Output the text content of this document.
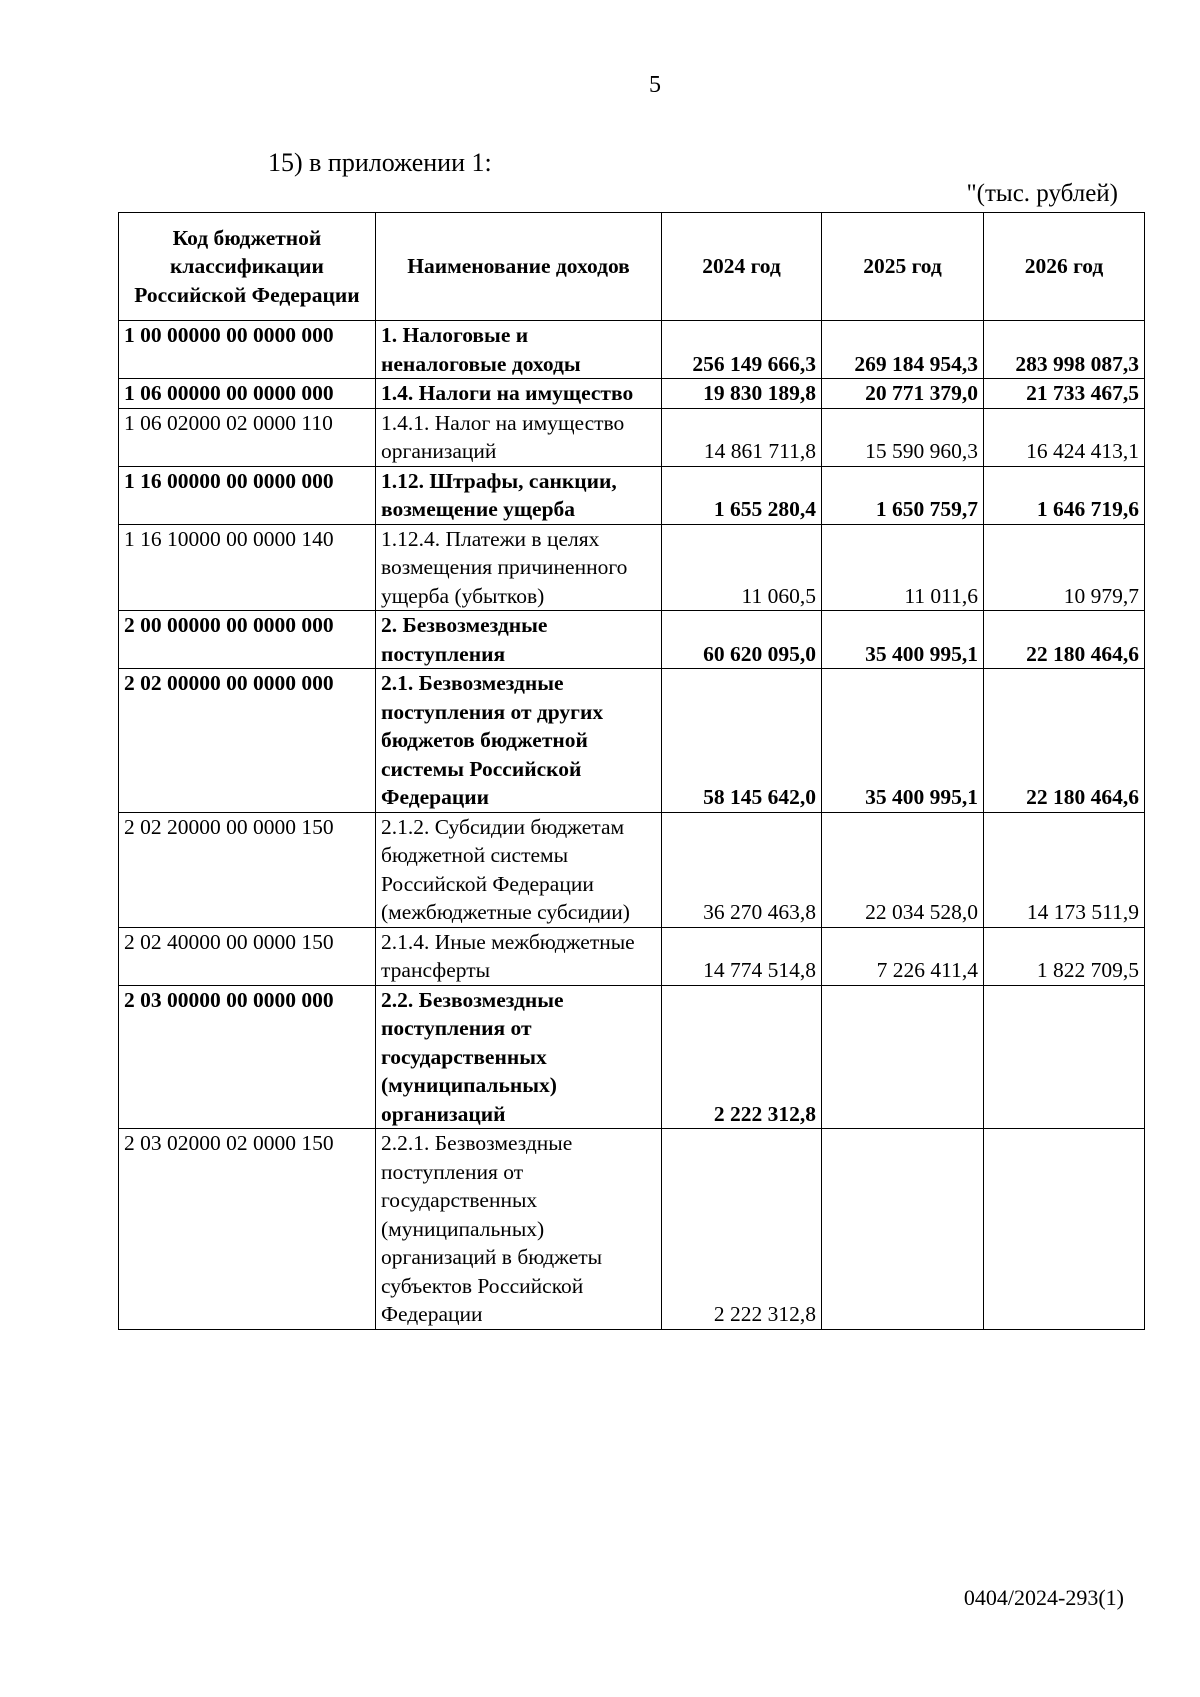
5
15) в приложении 1:
"(тыс. рублей)
Код бюджетной классификации Российской Федерации	Наименование доходов	2024 год	2025 год	2026 год
1 00 00000 00 0000 000	1. Налоговые и неналоговые доходы	256 149 666,3	269 184 954,3	283 998 087,3
1 06 00000 00 0000 000	1.4. Налоги на имущество	19 830 189,8	20 771 379,0	21 733 467,5
1 06 02000 02 0000 110	1.4.1. Налог на имущество организаций	14 861 711,8	15 590 960,3	16 424 413,1
1 16 00000 00 0000 000	1.12. Штрафы, санкции, возмещение ущерба	1 655 280,4	1 650 759,7	1 646 719,6
1 16 10000 00 0000 140	1.12.4. Платежи в целях возмещения причиненного ущерба (убытков)	11 060,5	11 011,6	10 979,7
2 00 00000 00 0000 000	2. Безвозмездные поступления	60 620 095,0	35 400 995,1	22 180 464,6
2 02 00000 00 0000 000	2.1. Безвозмездные поступления от других бюджетов бюджетной системы Российской Федерации	58 145 642,0	35 400 995,1	22 180 464,6
2 02 20000 00 0000 150	2.1.2. Субсидии бюджетам бюджетной системы Российской Федерации (межбюджетные субсидии)	36 270 463,8	22 034 528,0	14 173 511,9
2 02 40000 00 0000 150	2.1.4. Иные межбюджетные трансферты	14 774 514,8	7 226 411,4	1 822 709,5
2 03 00000 00 0000 000	2.2. Безвозмездные поступления от государственных (муниципальных) организаций	2 222 312,8		
2 03 02000 02 0000 150	2.2.1. Безвозмездные поступления от государственных (муниципальных) организаций в бюджеты субъектов Российской Федерации	2 222 312,8		
0404/2024-293(1)
